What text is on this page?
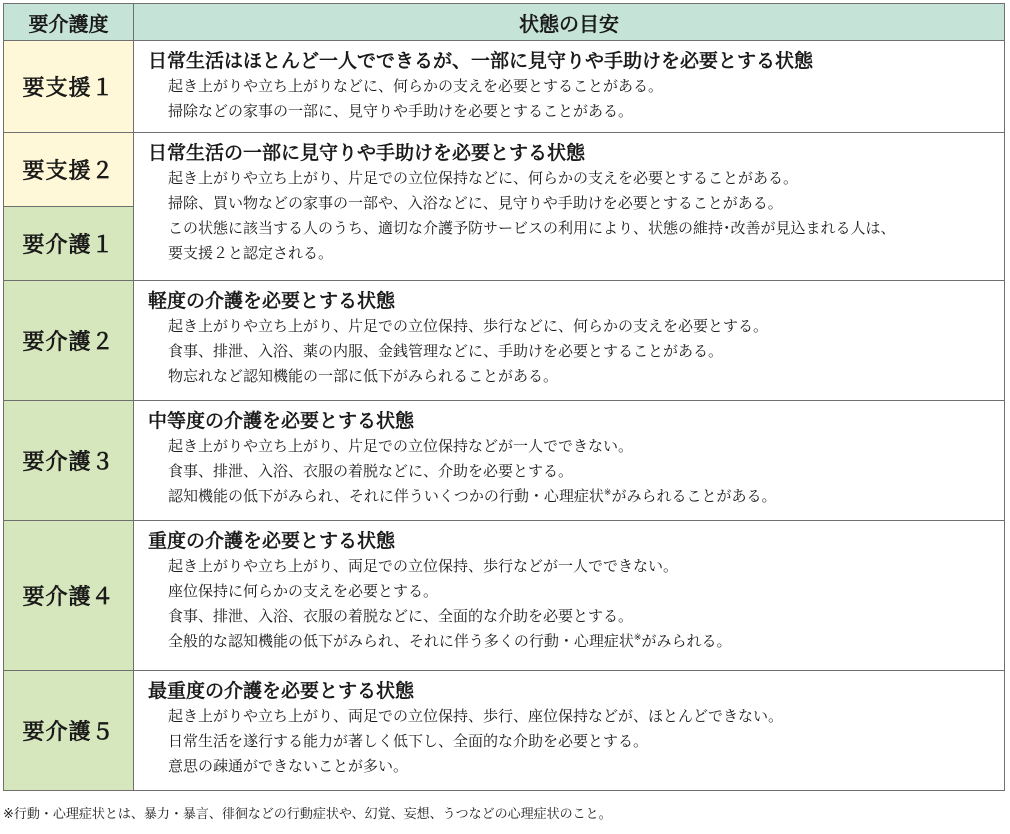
要介護度	状態の目安
要支援１	日常生活はほとんど一人でできるが、一部に見守りや手助けを必要とする状態
起き上がりや立ち上がりなどに、何らかの支えを必要とすることがある。
掃除などの家事の一部に、見守りや手助けを必要とすることがある。

要支援２	日常生活の一部に見守りや手助けを必要とする状態
起き上がりや立ち上がり、片足での立位保持などに、何らかの支えを必要とすることがある。
掃除、買い物などの家事の一部や、入浴などに、見守りや手助けを必要とすることがある。
この状態に該当する人のうち、適切な介護予防サービスの利用により、状態の維持･改善が見込まれる人は、
要支援２と認定される。

要介護１	
要介護２	軽度の介護を必要とする状態
起き上がりや立ち上がり、片足での立位保持、歩行などに、何らかの支えを必要とする。
食事、排泄、入浴、薬の内服、金銭管理などに、手助けを必要とすることがある。
物忘れなど認知機能の一部に低下がみられることがある。

要介護３	中等度の介護を必要とする状態
起き上がりや立ち上がり、片足での立位保持などが一人でできない。
食事、排泄、入浴、衣服の着脱などに、介助を必要とする。
認知機能の低下がみられ、それに伴ういくつかの行動・心理症状※がみられることがある。

要介護４	重度の介護を必要とする状態
起き上がりや立ち上がり、両足での立位保持、歩行などが一人でできない。
座位保持に何らかの支えを必要とする。
食事、排泄、入浴、衣服の着脱などに、全面的な介助を必要とする。
全般的な認知機能の低下がみられ、それに伴う多くの行動・心理症状※がみられる。

要介護５	最重度の介護を必要とする状態
起き上がりや立ち上がり、両足での立位保持、歩行、座位保持などが、ほとんどできない。
日常生活を遂行する能力が著しく低下し、全面的な介助を必要とする。
意思の疎通ができないことが多い。
※行動・心理症状とは、暴力・暴言、徘徊などの行動症状や、幻覚、妄想、うつなどの心理症状のこと。
